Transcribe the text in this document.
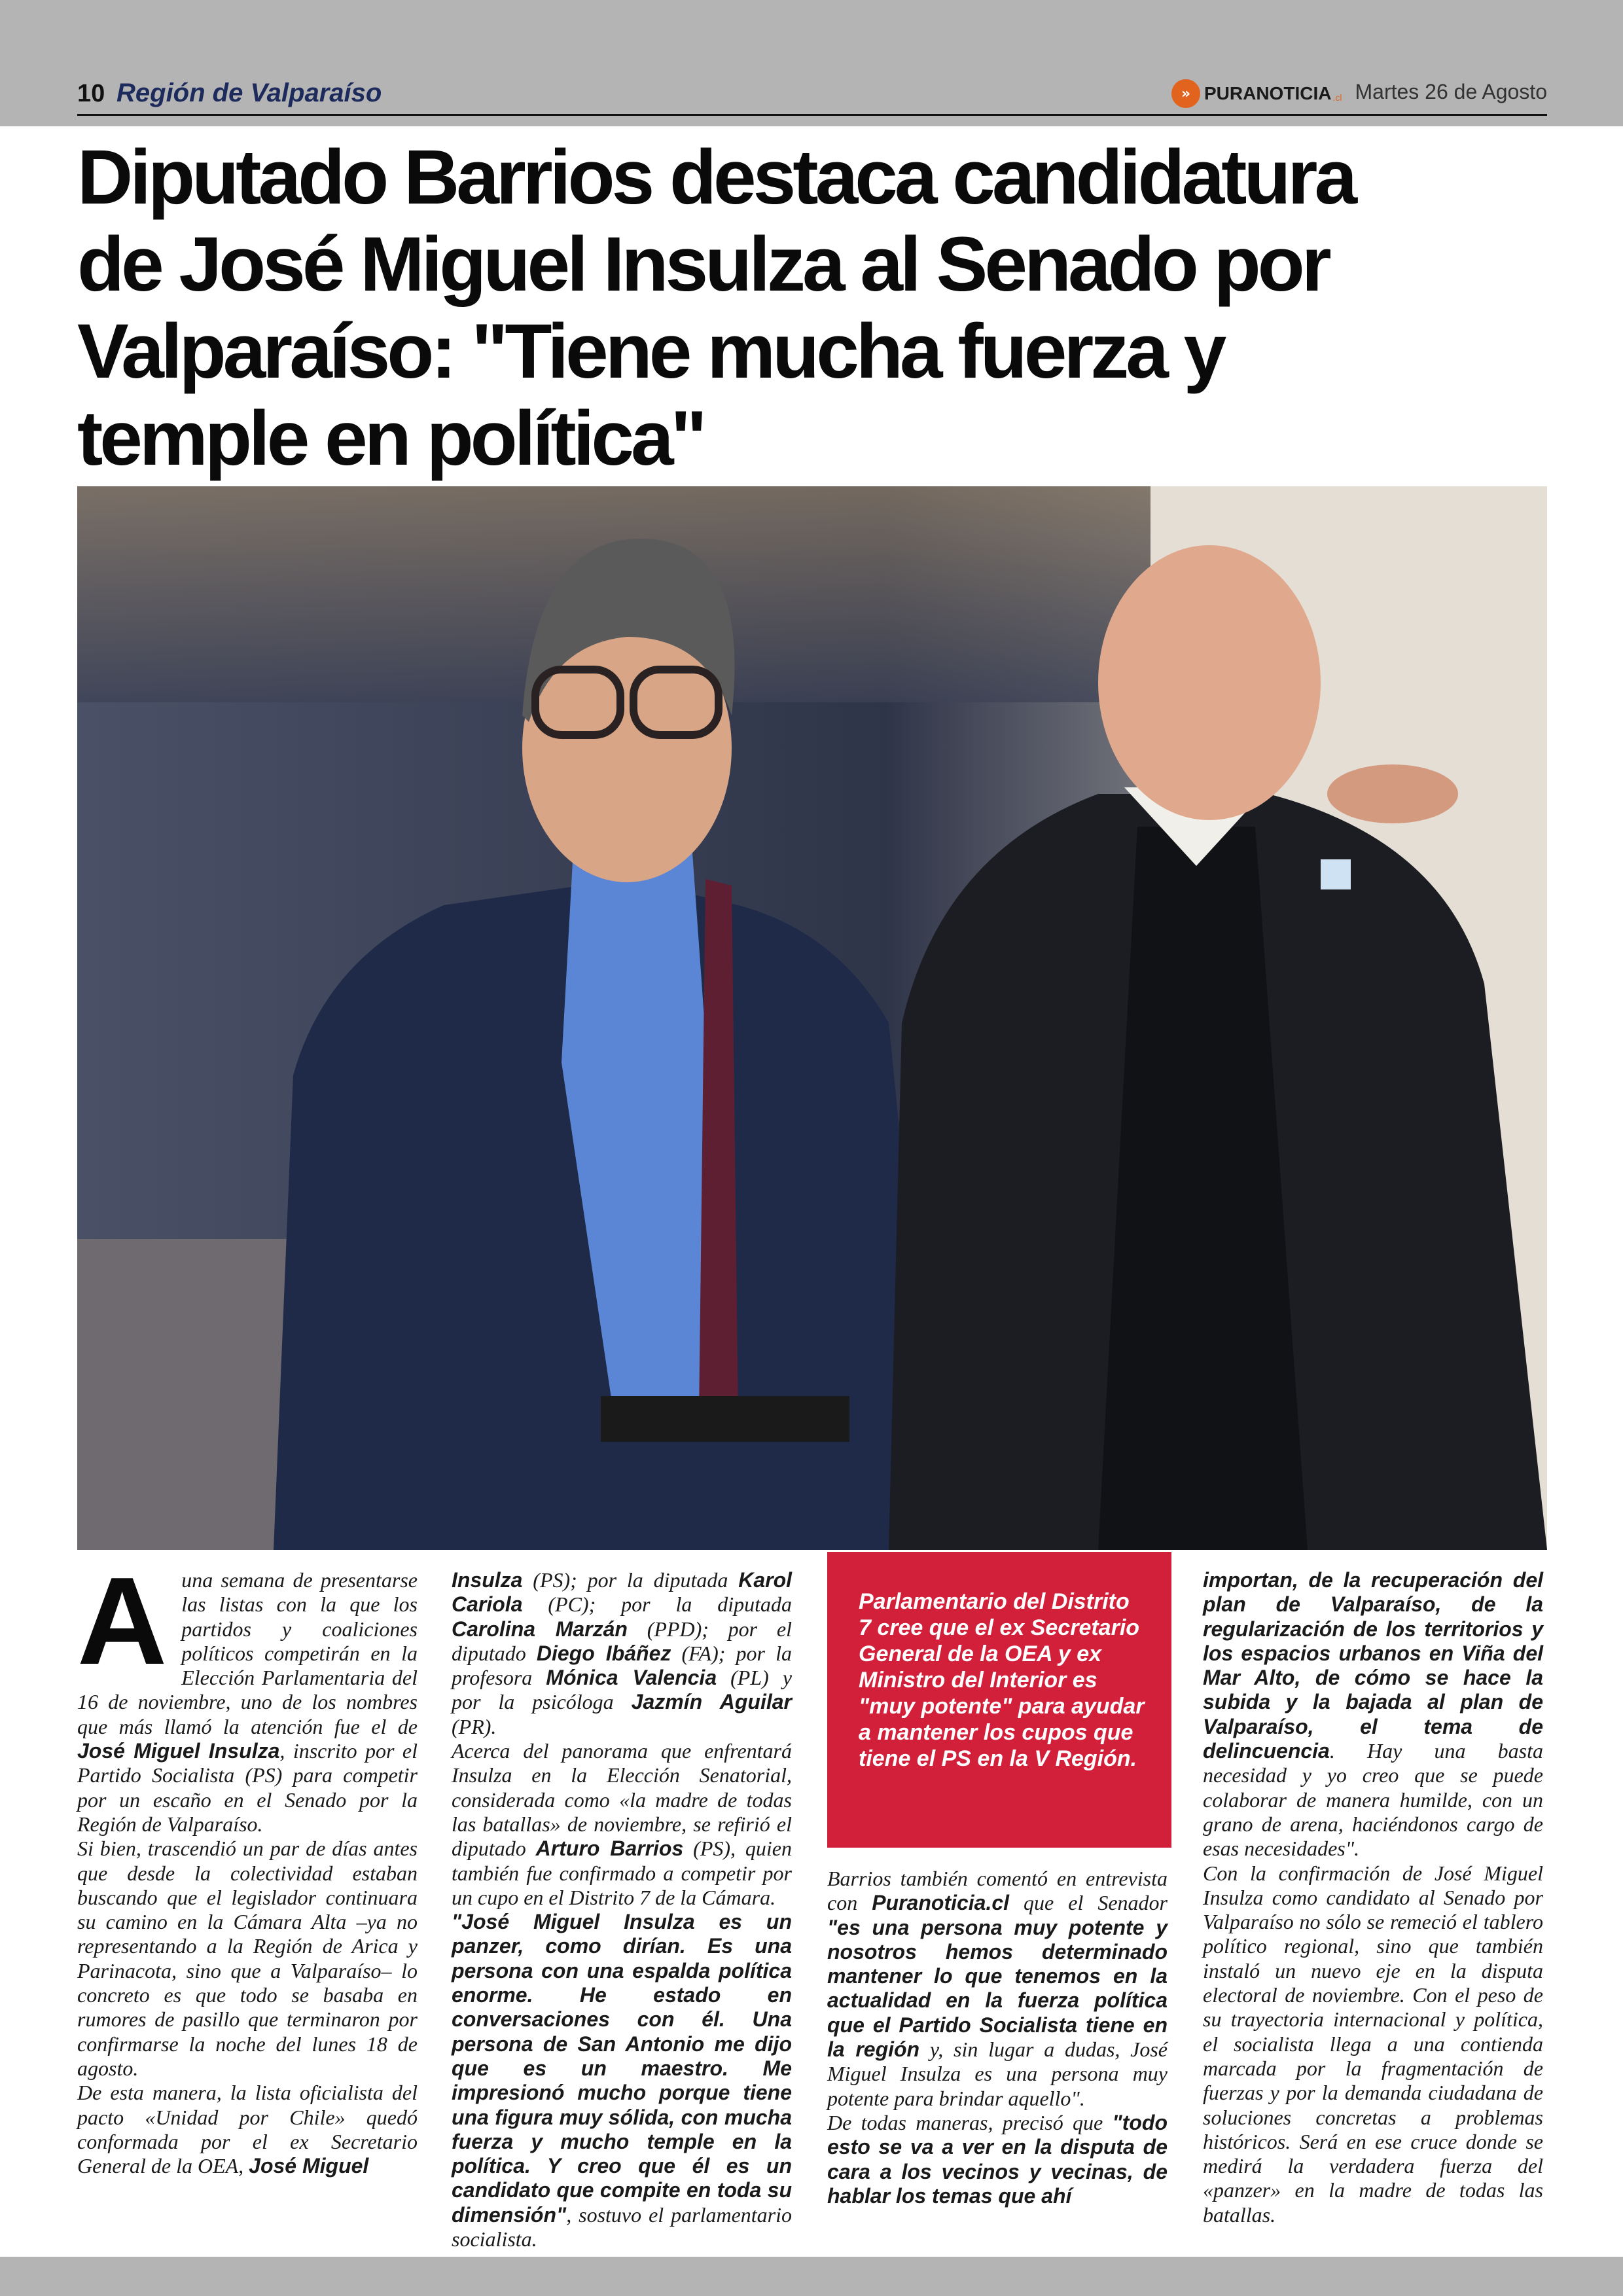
10 Región de Valparaíso	» PURANOTICIA .cl Martes 26 de Agosto
Diputado Barrios destaca candidatura
de José Miguel Insulza al Senado por
Valparaíso: "Tiene mucha fuerza y
temple en política"
A una semana de presentarse las listas con la que los partidos y coaliciones políticos competirán en la Elección Parlamentaria del 16 de noviembre, uno de los nombres que más llamó la atención fue el de José Miguel Insulza, inscrito por el Partido Socialista (PS) para competir por un escaño en el Senado por la Región de Valparaíso.

Si bien, trascendió un par de días antes que desde la colectividad estaban buscando que el legislador continuara su camino en la Cámara Alta –ya no representando a la Región de Arica y Parinacota, sino que a Valparaíso– lo concreto es que todo se basaba en rumores de pasillo que terminaron por confirmarse la noche del lunes 18 de agosto.

De esta manera, la lista oficialista del pacto «Unidad por Chile» quedó conformada por el ex Secretario General de la OEA, José Miguel

Insulza (PS); por la diputada Karol Cariola (PC); por la diputada Carolina Marzán (PPD); por el diputado Diego Ibáñez (FA); por la profesora Mónica Valencia (PL) y por la psicóloga Jazmín Aguilar (PR).

Acerca del panorama que enfrentará Insulza en la Elección Senatorial, considerada como «la madre de todas las batallas» de noviembre, se refirió el diputado Arturo Barrios (PS), quien también fue confirmado a competir por un cupo en el Distrito 7 de la Cámara.

"José Miguel Insulza es un panzer, como dirían. Es una persona con una espalda política enorme. He estado en conversaciones con él. Una persona de San Antonio me dijo que es un maestro. Me impresionó mucho porque tiene una figura muy sólida, con mucha fuerza y mucho temple en la política. Y creo que él es un candidato que compite en toda su dimensión", sostuvo el parlamentario socialista.

Parlamentario del Distrito 7 cree que el ex Secretario General de la OEA y ex Ministro del Interior es "muy potente" para ayudar a mantener los cupos que tiene el PS en la V Región.

Barrios también comentó en entrevista con Puranoticia.cl que el Senador "es una persona muy potente y nosotros hemos determinado mantener lo que tenemos en la actualidad en la fuerza política que el Partido Socialista tiene en la región y, sin lugar a dudas, José Miguel Insulza es una persona muy potente para brindar aquello".

De todas maneras, precisó que "todo esto se va a ver en la disputa de cara a los vecinos y vecinas, de hablar los temas que ahí

importan, de la recuperación del plan de Valparaíso, de la regularización de los territorios y los espacios urbanos en Viña del Mar Alto, de cómo se hace la subida y la bajada al plan de Valparaíso, el tema de delincuencia. Hay una basta necesidad y yo creo que se puede colaborar de manera humilde, con un grano de arena, haciéndonos cargo de esas necesidades".

Con la confirmación de José Miguel Insulza como candidato al Senado por Valparaíso no sólo se remeció el tablero político regional, sino que también instaló un nuevo eje en la disputa electoral de noviembre. Con el peso de su trayectoria internacional y política, el socialista llega a una contienda marcada por la fragmentación de fuerzas y por la demanda ciudadana de soluciones concretas a problemas históricos. Será en ese cruce donde se medirá la verdadera fuerza del «panzer» en la madre de todas las batallas.
